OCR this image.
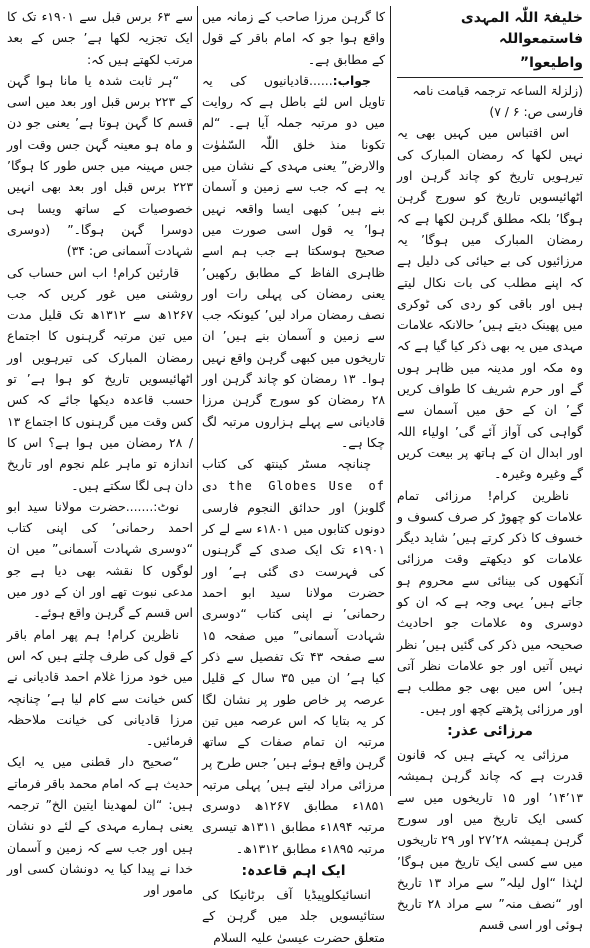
خلیفۃ اللّٰہ المہدی فاستمعواللہ

واطیعوا”

(زلزلۃ الساعہ ترجمہ قیامت نامہ

فارسی ص: ۶ / ۷)

اس اقتباس میں کہیں بھی یہ نہیں لکھا کہ رمضان المبارک کی تیرہویں تاریخ کو چاند گرہن اور اٹھائیسویں تاریخ کو سورج گرہن ہوگا’ بلکہ مطلق گرہن لکھا ہے کہ رمضان المبارک میں ہوگا’ یہ مرزائیوں کی بے حیائی کی دلیل ہے کہ اپنے مطلب کی بات نکال لیتے ہیں اور باقی کو ردی کی ٹوکری میں پھینک دیتے ہیں’ حالانکہ علامات مہدی میں یہ بھی ذکر کیا گیا ہے کہ وہ مکہ اور مدینہ میں ظاہر ہوں گے اور حرم شریف کا طواف کریں گے’ ان کے حق میں آسمان سے گواہی کی آواز آئے گی’ اولیاء اللہ اور ابدال ان کے ہاتھ پر بیعت کریں گے وغیرہ وغیرہ۔

ناظرین کرام! مرزائی تمام علامات کو چھوڑ کر صرف کسوف و خسوف کا ذکر کرتے ہیں’ شاید دیگر علامات کو دیکھتے وقت مرزائی آنکھوں کی بینائی سے محروم ہو جاتے ہیں’ یہی وجہ ہے کہ ان کو دوسری وہ علامات جو احادیث صحیحہ میں ذکر کی گئیں ہیں’ نظر نہیں آتیں اور جو علامات نظر آتی ہیں’ اس میں بھی جو مطلب ہے اور مرزائی پڑھتے کچھ اور ہیں۔

مرزائی عذر:

مرزائی یہ کہتے ہیں کہ قانون قدرت ہے کہ چاند گرہن ہمیشہ ۱۳’۱۴’ اور ۱۵ تاریخوں میں سے کسی ایک تاریخ میں اور سورج گرہن ہمیشہ ۲۸’۲۷ اور ۲۹ تاریخوں میں سے کسی ایک تاریخ میں ہوگا’ لہٰذا “اول لیلہ” سے مراد ۱۳ تاریخ اور “نصف منہ” سے مراد ۲۸ تاریخ ہوئی اور اسی قسم

کا گرہن مرزا صاحب کے زمانہ میں واقع ہوا جو کہ امام باقر کے قول کے مطابق ہے۔

جواب:......قادیانیوں کی یہ تاویل اس لئے باطل ہے کہ روایت میں دو مرتبہ جملہ آیا ہے۔ “لم تکونا منذ خلق اللّٰہ السّمٰوٰت والارض” یعنی مہدی کے نشان میں یہ ہے کہ جب سے زمین و آسمان بنے ہیں’ کبھی ایسا واقعہ نہیں ہوا’ یہ قول اسی صورت میں صحیح ہوسکتا ہے جب ہم اسے ظاہری الفاظ کے مطابق رکھیں’ یعنی رمضان کی پہلی رات اور نصف رمضان مراد لیں’ کیونکہ جب سے زمین و آسمان بنے ہیں’ ان تاریخوں میں کبھی گرہن واقع نہیں ہوا۔ ۱۳ رمضان کو چاند گرہن اور ۲۸ رمضان کو سورج گرہن مرزا قادیانی سے پہلے ہزاروں مرتبہ لگ چکا ہے۔

چنانچہ مسٹر کینتھ کی کتاب Use of the Globes دی گلوبز) اور حدائق النجوم فارسی دونوں کتابوں میں ۱۸۰۱ء سے لے کر ۱۹۰۱ء تک ایک صدی کے گرہنوں کی فہرست دی گئی ہے’ اور حضرت مولانا سید ابو احمد رحمانی’ نے اپنی کتاب “دوسری شہادت آسمانی” میں صفحہ ۱۵ سے صفحہ ۴۳ تک تفصیل سے ذکر کیا ہے’ ان میں ۳۵ سال کے قلیل عرصہ پر خاص طور پر نشان لگا کر یہ بتایا کہ اس عرصہ میں تین مرتبہ ان تمام صفات کے ساتھ گرہن واقع ہوئے ہیں’ جس طرح پر مرزائی مراد لیتے ہیں’ پہلی مرتبہ ۱۸۵۱ء مطابق ۱۲۶۷ھ دوسری مرتبہ ۱۸۹۴ء مطابق ۱۳۱۱ھ تیسری مرتبہ ۱۸۹۵ء مطابق ۱۳۱۲ھ۔

ایک اہم قاعدہ:

انسائیکلوپیڈیا آف برٹانیکا کی ستائیسویں جلد میں گرہن کے متعلق حضرت عیسیٰ علیہ السلام

سے ۶۳ برس قبل سے ۱۹۰۱ء تک کا ایک تجزیہ لکھا ہے’ جس کے بعد مرتب لکھتے ہیں کہ:

“ہر ثابت شدہ یا مانا ہوا گہن کے ۲۲۳ برس قبل اور بعد میں اسی قسم کا گہن ہوتا ہے’ یعنی جو دن و ماہ ہو معینہ گہن جس وقت اور جس مہینہ میں جس طور کا ہوگا’ ۲۲۳ برس قبل اور بعد بھی انہیں خصوصیات کے ساتھ ویسا ہی دوسرا گہن ہوگا۔” (دوسری شہادت آسمانی ص: ۳۴)

قارئین کرام! اب اس حساب کی روشنی میں غور کریں کہ جب ۱۲۶۷ھ سے ۱۳۱۲ھ تک قلیل مدت میں تین مرتبہ گرہنوں کا اجتماع رمضان المبارک کی تیرہویں اور اٹھائیسویں تاریخ کو ہوا ہے’ تو حسب قاعدہ دیکھا جائے کہ کس کس وقت میں گرہنوں کا اجتماع ۱۳ / ۲۸ رمضان میں ہوا ہے؟ اس کا اندازہ تو ماہر علم نجوم اور تاریخ دان ہی لگا سکتے ہیں۔

نوٹ:.......حضرت مولانا سید ابو احمد رحمانی’ کی اپنی کتاب “دوسری شہادت آسمانی” میں ان لوگوں کا نقشہ بھی دیا ہے جو مدعی نبوت تھے اور ان کے دور میں اس قسم کے گرہن واقع ہوئے۔

ناظرین کرام! ہم پھر امام باقر کے قول کی طرف چلتے ہیں کہ اس میں خود مرزا غلام احمد قادیانی نے کس خیانت سے کام لیا ہے’ چنانچہ مرزا قادیانی کی خیانت ملاحظہ فرمائیں۔

“صحیح دار قطنی میں یہ ایک حدیث ہے کہ امام محمد باقر فرماتے ہیں: “ان لمھدینا ایتین الخ” ترجمہ یعنی ہمارے مہدی کے لئے دو نشان ہیں اور جب سے کہ زمین و آسمان خدا نے پیدا کیا یہ دونشان کسی اور مامور اور
